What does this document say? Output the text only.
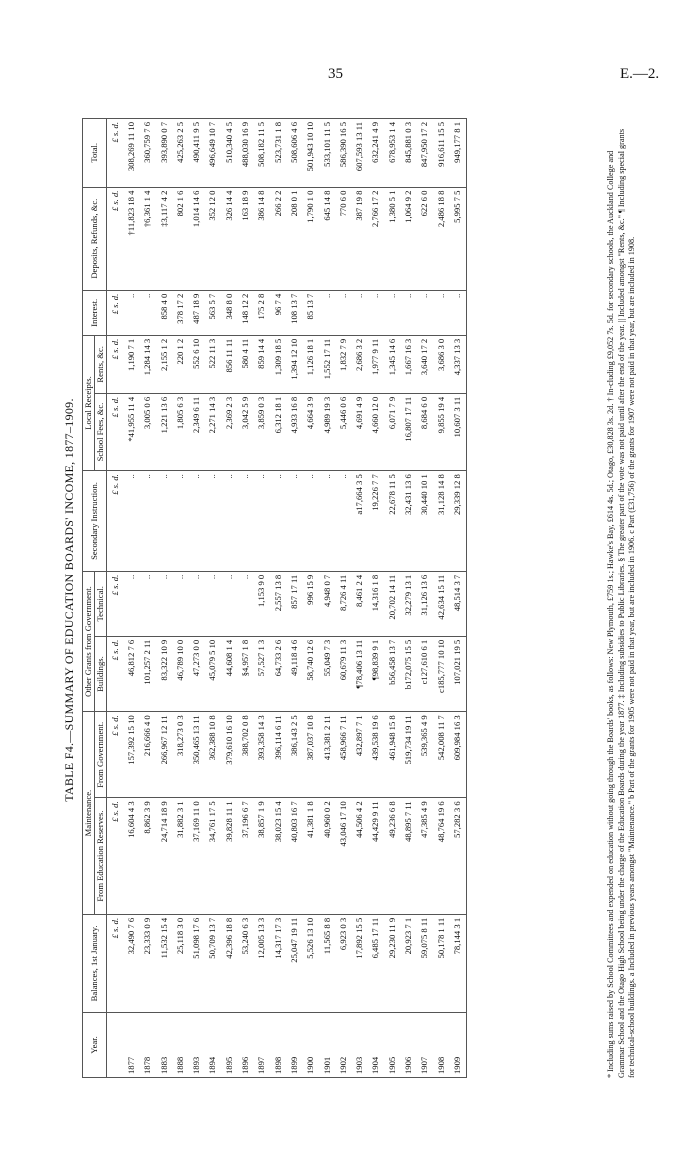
35	E.—2.
TABLE F4.—SUMMARY OF EDUCATION BOARDS' INCOME, 1877–1909.
Year.	Balances, 1st January.	Maintenance.		Other Grants from Government.		Secondary Instruction.	Local Receipts.		Interest.	Deposits, Refunds, &c.	Total.
		From Education Reserves.	From Government.	Buildings.	Technical.		School Fees, &c.	Rents, &c.			
	£ s. d.	£ s. d.	£ s. d.	£ s. d.	£ s. d.	£ s. d.	£ s. d.	£ s. d.	£ s. d.	£ s. d.	£ s. d.
1877	32,490 7 6	16,604 4 3	157,392 15 10	46,812 7 6	..	..	*41,955 11 4	1,190 7 1	..	†11,823 18 4	308,269 11 10
1878	23,333 0 9	8,862 3 9	216,666 4 0	101,257 2 11	..	..	3,005 0 6	1,284 14 3	..	†6,361 1 4	360,759 7 6
1883	11,532 15 4	24,714 18 9	266,967 12 11	83,322 10 9	..	..	1,221 13 6	2,155 1 2	858 4 0	‡3,117 4 2	393,890 0 7
1888	25,118 3 0	31,882 3 1	318,273 0 3	46,789 10 0	..	..	1,805 6 3	220 1 2	378 17 2	802 1 6	425,263 2 5
1893	51,098 17 6	37,169 11 0	350,465 13 11	47,273 0 0	..	..	2,349 6 11	552 6 10	487 18 9	1,014 14 6	490,411 9 5
1894	50,709 13 7	34,761 17 5	362,388 10 8	45,079 5 10	..	..	2,271 14 3	522 11 3	563 5 7	352 12 0	496,649 10 7
1895	42,396 18 8	39,828 11 1	379,610 16 10	44,608 1 4	..	..	2,369 2 3	856 11 11	348 8 0	326 14 4	510,340 4 5
1896	53,240 6 3	37,196 6 7	388,702 0 8	§4,957 1 8	..	..	3,042 5 9	580 4 11	148 12 2	163 18 9	488,030 16 9
1897	12,005 13 3	38,857 1 9	393,358 14 3	57,527 1 3	1,153 9 0	..	3,859 0 3	859 14 4	175 2 8	386 14 8	508,182 11 5
1898	14,317 17 3	38,023 15 4	396,114 6 11	64,733 2 6	2,557 13 8	..	6,312 18 1	1,309 18 5	96 7 4	266 2 2	523,731 1 8
1899	25,047 19 11	40,803 16 7	386,143 2 5	49,118 4 6	857 17 11	..	4,933 16 8	1,394 12 10	108 13 7	208 0 1	508,606 4 6
1900	5,526 13 10	41,381 1 8	387,037 10 8	58,740 12 6	996 15 9	..	4,664 3 9	1,126 18 1	85 13 7	1,790 1 0	501,943 10 10
1901	11,565 8 8	40,960 0 2	413,381 2 11	55,049 7 3	4,948 0 7	..	4,989 19 3	1,552 17 11	..	645 14 8	533,101 11 5
1902	6,923 0 3	43,046 17 10	458,966 7 11	60,679 11 3	8,726 4 11	..	5,446 0 6	1,832 7 9	..	770 6 0	586,390 16 5
1903	17,892 15 5	44,506 4 2	432,897 7 1	¶78,406 13 11	8,461 2 4	a17,664 3 5	4,691 4 9	2,686 3 2	..	387 19 8	607,593 13 11
1904	6,485 17 11	44,429 9 11	439,538 19 6	¶98,839 9 1	14,316 1 8	19,226 7 7	4,660 12 0	1,977 9 11	..	2,766 17 2	632,241 4 9
1905	29,230 11 9	49,236 6 8	461,948 15 8	b56,458 13 7	20,702 14 11	22,678 11 5	6,071 7 9	1,345 14 6	..	1,380 5 1	678,953 1 4
1906	20,923 7 1	48,895 7 11	519,734 19 11	b172,075 15 5	32,279 13 1	32,431 13 6	16,807 17 11	1,667 16 3	..	1,064 9 2	845,881 0 3
1907	59,075 8 11	47,385 4 9	539,365 4 9	c127,610 6 1	31,126 13 6	30,440 10 1	8,684 6 0	3,640 17 2	..	622 6 0	847,950 17 2
1908	50,178 1 11	48,764 19 6	542,008 11 7	c185,777 10 10	42,634 15 11	31,128 14 8	9,855 19 4	3,686 3 0	..	2,486 18 8	916,611 15 5
1909	78,144 3 1	57,282 3 6	609,984 16 3	107,021 19 5	48,514 3 7	29,339 12 8	10,607 3 11	4,337 13 3	..	5,995 7 5	949,177 8 1
* Including sums raised by School Committees and expended on education without going through the Boards' books, as follows: New Plymouth, £759 1s.; Hawke's Bay, £614 4s. 5d.; Otago, £30,828 3s. 2d. † In-cluding £9,052 7s. 5d. for secondary schools, the Auckland College and Grammar School and the Otago High School being under the charge of the Education Boards during the year 1877. ‡ Including subsidies to Public Libraries. § The greater part of the vote was not paid until after the end of the year. || Included amongst "Rents, &c." ¶ Including special grants for technical-school buildings. a Included in previous years amongst "Maintenance." b Part of the grants for 1905 were not paid in that year, but are included in 1906. c Part (£31,756) of the grants for 1907 were not paid in that year, but are included in 1908.
